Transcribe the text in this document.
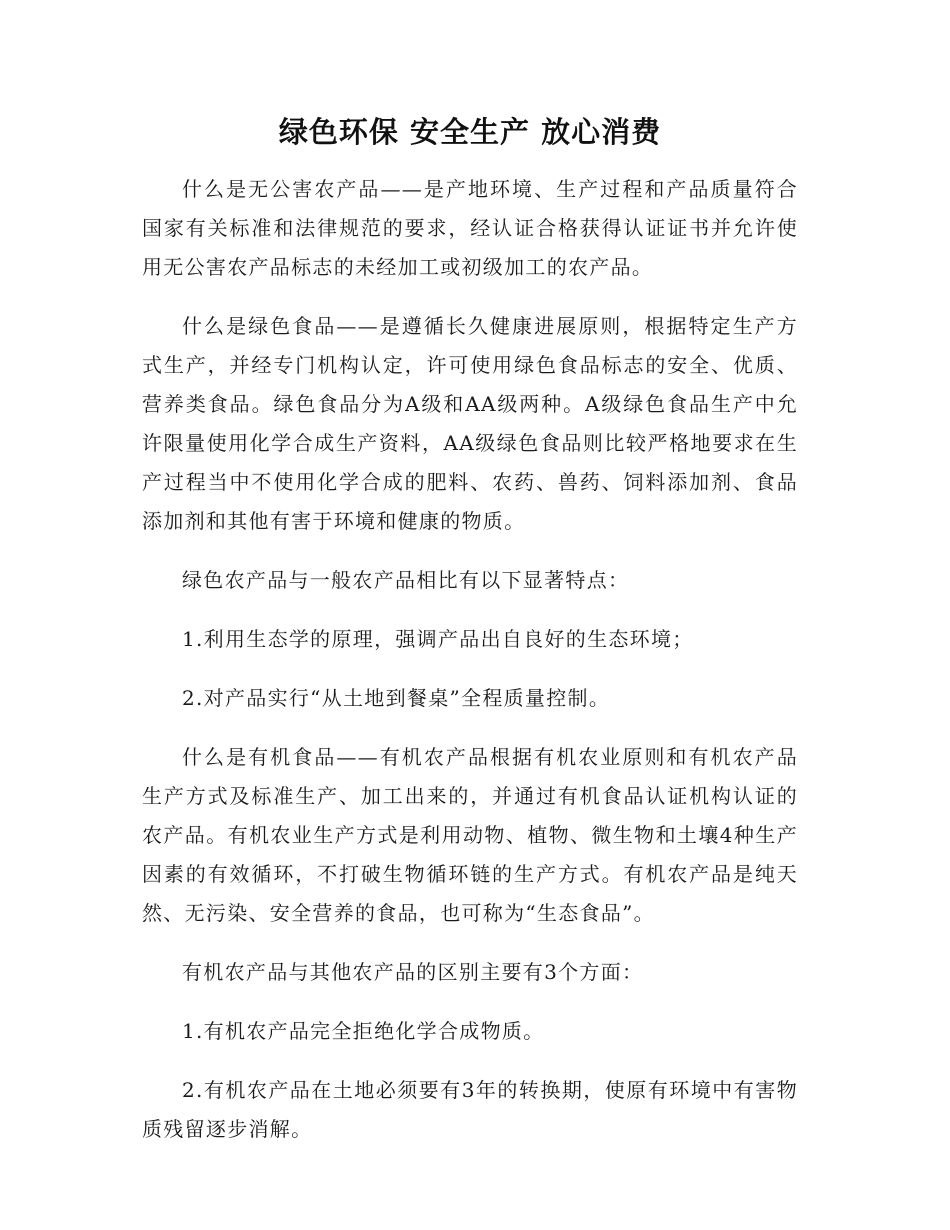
绿色环保 安全生产 放心消费

什么是无公害农产品——是产地环境、生产过程和产品质量符合国家有关标准和法律规范的要求，经认证合格获得认证证书并允许使用无公害农产品标志的未经加工或初级加工的农产品。

什么是绿色食品——是遵循长久健康进展原则，根据特定生产方式生产，并经专门机构认定，许可使用绿色食品标志的安全、优质、营养类食品。绿色食品分为A级和AA级两种。A级绿色食品生产中允许限量使用化学合成生产资料，AA级绿色食品则比较严格地要求在生产过程当中不使用化学合成的肥料、农药、兽药、饲料添加剂、食品添加剂和其他有害于环境和健康的物质。

绿色农产品与一般农产品相比有以下显著特点：

1.利用生态学的原理，强调产品出自良好的生态环境；

2.对产品实行“从土地到餐桌”全程质量控制。

什么是有机食品——有机农产品根据有机农业原则和有机农产品生产方式及标准生产、加工出来的，并通过有机食品认证机构认证的农产品。有机农业生产方式是利用动物、植物、微生物和土壤4种生产因素的有效循环，不打破生物循环链的生产方式。有机农产品是纯天然、无污染、安全营养的食品，也可称为“生态食品”。

有机农产品与其他农产品的区别主要有3个方面：

1.有机农产品完全拒绝化学合成物质。

2.有机农产品在土地必须要有3年的转换期，使原有环境中有害物质残留逐步消解。
